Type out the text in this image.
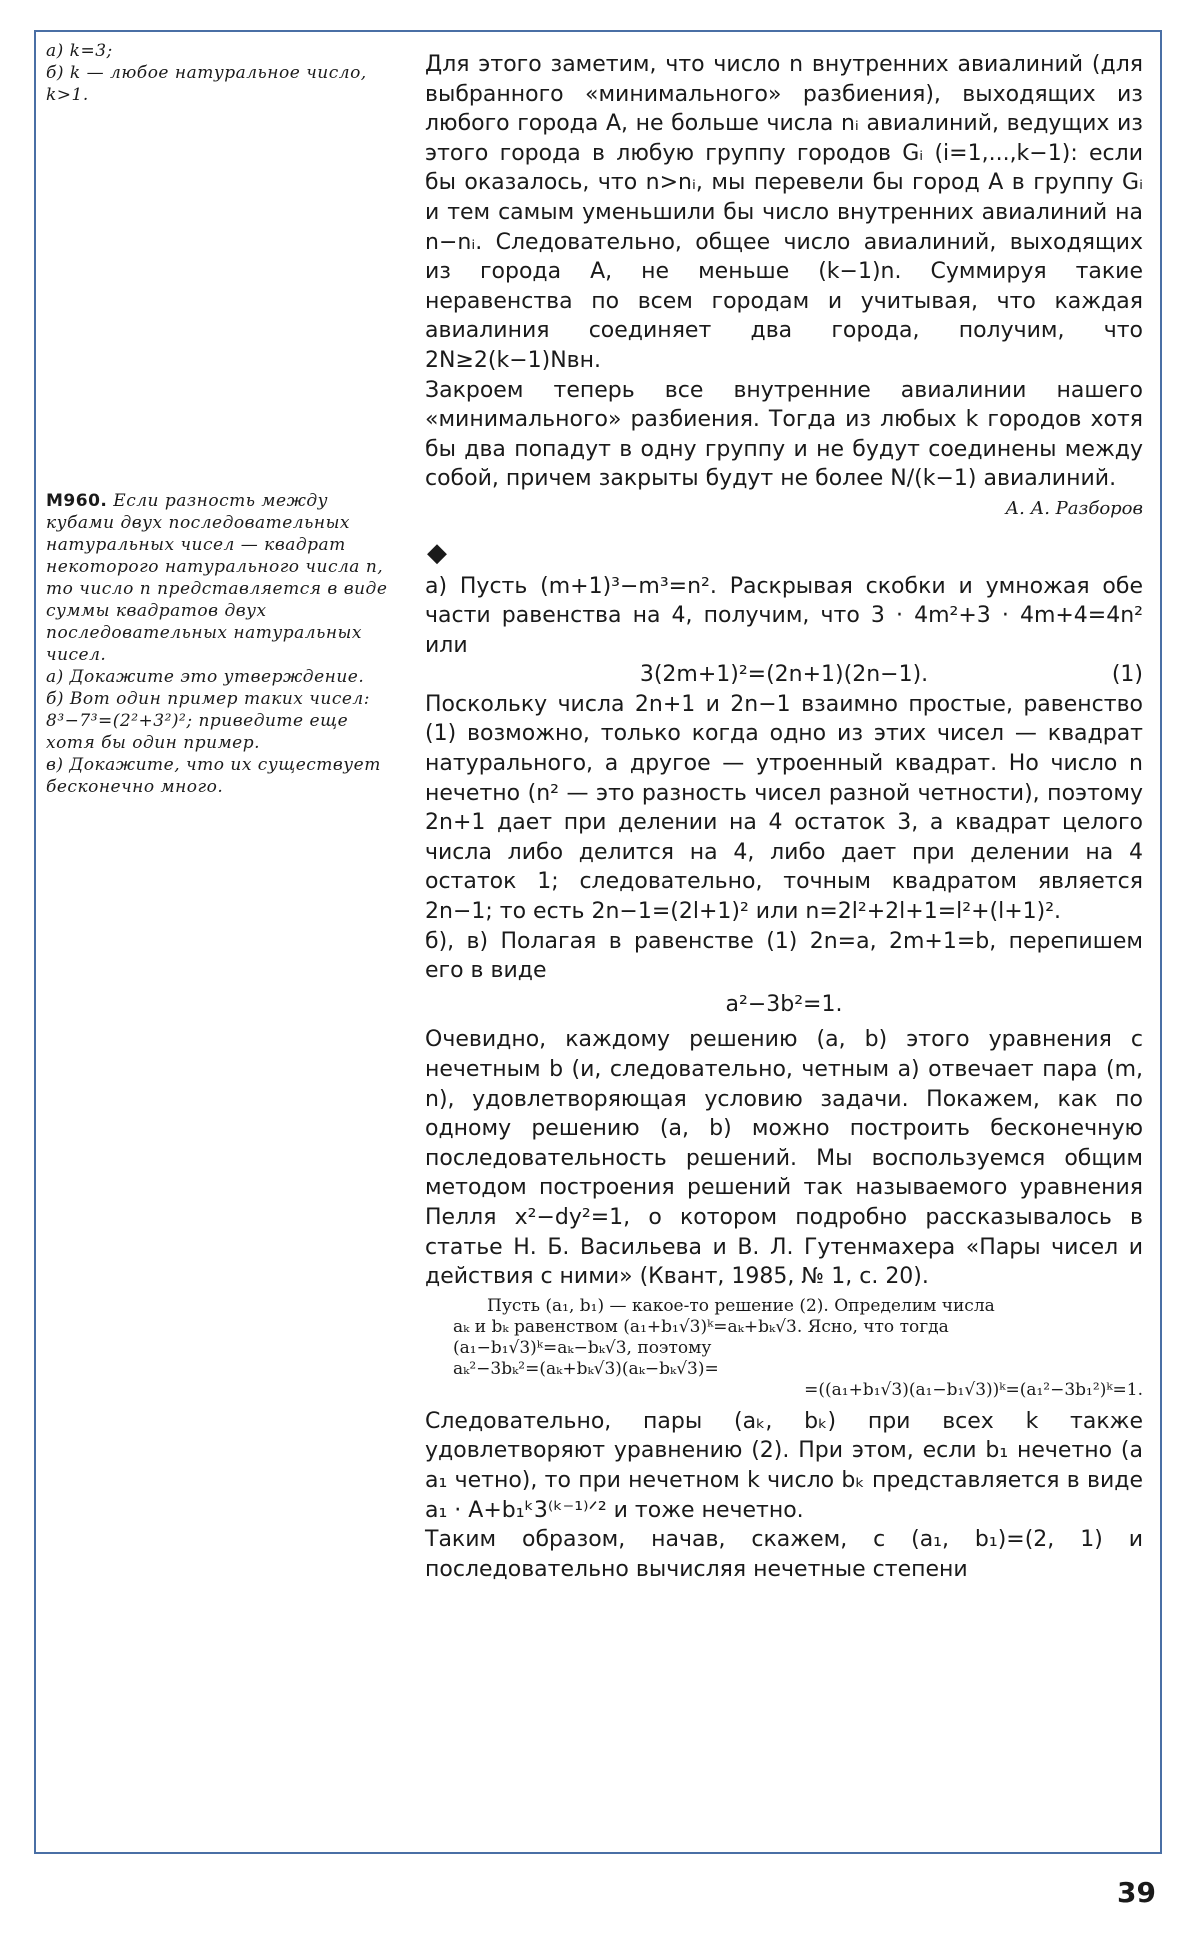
а) k=3;

б) k — любое натуральное число, k>1.

М960. Если разность между кубами двух последовательных натуральных чисел — квадрат некоторого натурального числа n, то число n представляется в виде суммы квадратов двух последовательных натуральных чисел.

а) Докажите это утверждение.

б) Вот один пример таких чисел: 8³−7³=(2²+3²)²; приведите еще хотя бы один пример.

в) Докажите, что их существует бесконечно много.

Для этого заметим, что число n внутренних авиалиний (для выбранного «минимального» разбиения), выходящих из любого города A, не больше числа nᵢ авиалиний, ведущих из этого города в любую группу городов Gᵢ (i=1,...,k−1): если бы оказалось, что n>nᵢ, мы перевели бы город A в группу Gᵢ и тем самым уменьшили бы число внутренних авиалиний на n−nᵢ. Следовательно, общее число авиалиний, выходящих из города A, не меньше (k−1)n. Суммируя такие неравенства по всем городам и учитывая, что каждая авиалиния соединяет два города, получим, что 2N≥2(k−1)Nвн.

Закроем теперь все внутренние авиалинии нашего «минимального» разбиения. Тогда из любых k городов хотя бы два попадут в одну группу и не будут соединены между собой, причем закрыты будут не более N/(k−1) авиалиний.

А. А. Разборов

◆

а) Пусть (m+1)³−m³=n². Раскрывая скобки и умножая обе части равенства на 4, получим, что 3 · 4m²+3 · 4m+4=4n² или

3(2m+1)²=(2n+1)(2n−1).	(1)

Поскольку числа 2n+1 и 2n−1 взаимно простые, равенство (1) возможно, только когда одно из этих чисел — квадрат натурального, а другое — утроенный квадрат. Но число n нечетно (n² — это разность чисел разной четности), поэтому 2n+1 дает при делении на 4 остаток 3, а квадрат целого числа либо делится на 4, либо дает при делении на 4 остаток 1; следовательно, точным квадратом является 2n−1; то есть 2n−1=(2l+1)² или n=2l²+2l+1=l²+(l+1)².

б), в) Полагая в равенстве (1) 2n=a, 2m+1=b, перепишем его в виде

a²−3b²=1.

Очевидно, каждому решению (a, b) этого уравнения с нечетным b (и, следовательно, четным a) отвечает пара (m, n), удовлетворяющая условию задачи. Покажем, как по одному решению (a, b) можно построить бесконечную последовательность решений. Мы воспользуемся общим методом построения решений так называемого уравнения Пелля x²−dy²=1, о котором подробно рассказывалось в статье Н. Б. Васильева и В. Л. Гутенмахера «Пары чисел и действия с ними» (Квант, 1985, № 1, с. 20).

Пусть (a₁, b₁) — какое-то решение (2). Определим числа
aₖ и bₖ равенством (a₁+b₁√3)ᵏ=aₖ+bₖ√3. Ясно, что тогда
(a₁−b₁√3)ᵏ=aₖ−bₖ√3, поэтому
aₖ²−3bₖ²=(aₖ+bₖ√3)(aₖ−bₖ√3)=
=((a₁+b₁√3)(a₁−b₁√3))ᵏ=(a₁²−3b₁²)ᵏ=1.

Следовательно, пары (aₖ, bₖ) при всех k также удовлетворяют уравнению (2). При этом, если b₁ нечетно (а a₁ четно), то при нечетном k число bₖ представляется в виде a₁ · A+b₁ᵏ3⁽ᵏ⁻¹⁾ᐟ² и тоже нечетно.

Таким образом, начав, скажем, с (a₁, b₁)=(2, 1) и последовательно вычисляя нечетные степени

39
